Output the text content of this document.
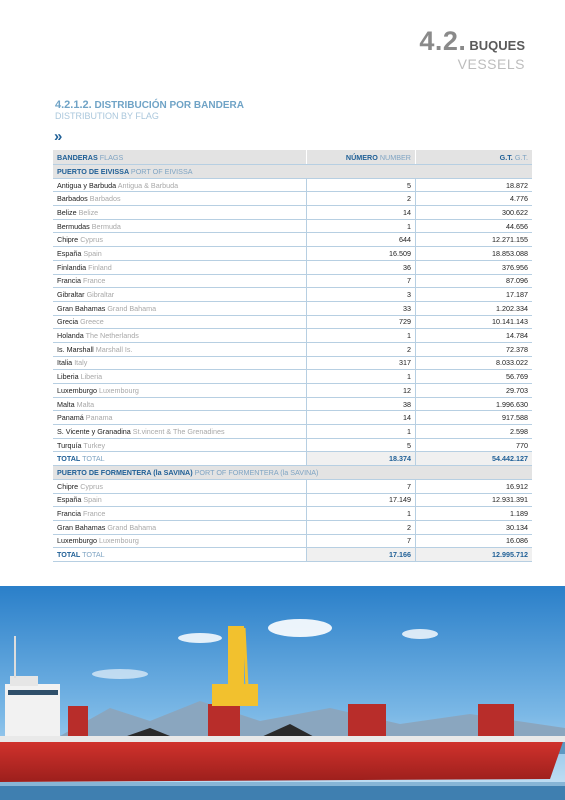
4.2. BUQUES
VESSELS
4.2.1.2. DISTRIBUCIÓN POR BANDERA
DISTRIBUTION BY FLAG
»
BANDERAS FLAGS	NÚMERO NUMBER	G.T. G.T.
PUERTO DE EIVISSA PORT OF EIVISSA		
Antigua y Barbuda Antigua & Barbuda	5	18.872
Barbados Barbados	2	4.776
Belize Belize	14	300.622
Bermudas Bermuda	1	44.656
Chipre Cyprus	644	12.271.155
España Spain	16.509	18.853.088
Finlandia Finland	36	376.956
Francia France	7	87.096
Gibraltar Gibraltar	3	17.187
Gran Bahamas Grand Bahama	33	1.202.334
Grecia Greece	729	10.141.143
Holanda The Netherlands	1	14.784
Is. Marshall Marshall Is.	2	72.378
Italia Italy	317	8.033.022
Liberia Liberia	1	56.769
Luxemburgo Luxembourg	12	29.703
Malta Malta	38	1.996.630
Panamá Panama	14	917.588
S. Vicente y Granadina St.vincent & The Grenadines	1	2.598
Turquía Turkey	5	770
TOTAL TOTAL	18.374	54.442.127
PUERTO DE FORMENTERA (la SAVINA) PORT OF FORMENTERA (la SAVINA)		
Chipre Cyprus	7	16.912
España Spain	17.149	12.931.391
Francia France	1	1.189
Gran Bahamas Grand Bahama	2	30.134
Luxemburgo Luxembourg	7	16.086
TOTAL TOTAL	17.166	12.995.712
